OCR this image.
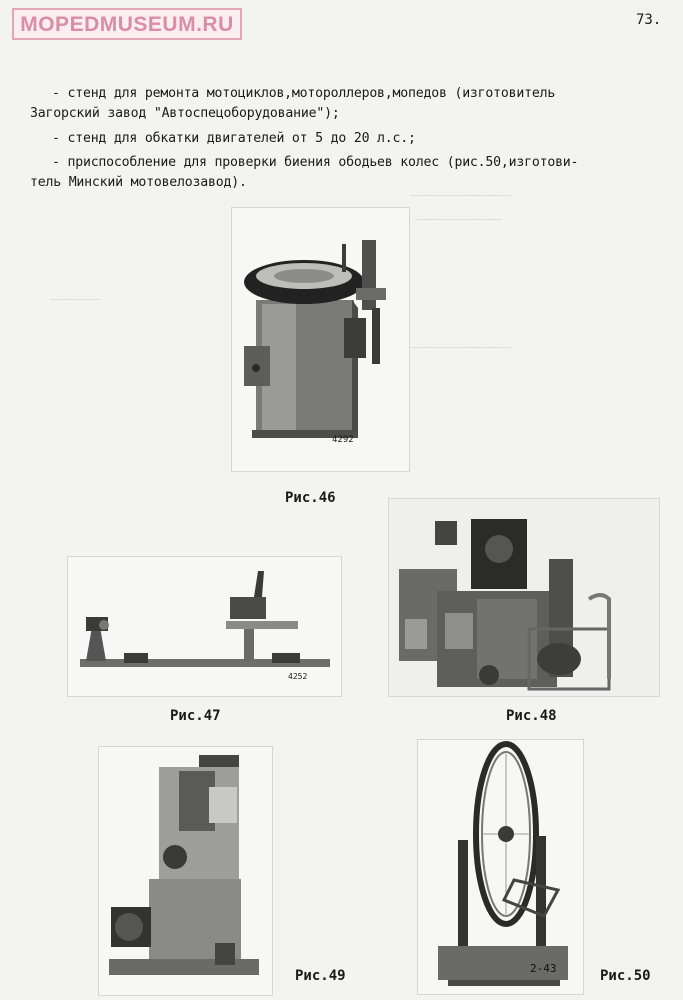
MOPEDMUSEUM.RU	73.
- стенд для ремонта мотоциклов,мотороллеров,мопедов (изготовитель
Загорский завод "Автоспецоборудование");
- стенд для обкатки двигателей от 5 до 20 л.с.;
- приспособление для проверки биения ободьев колес (рис.50,изготови-
тель Минский мотовелозавод).
——————————————
————————————
———————
——————————————
4292
Рис.46
4252
Рис.47	Рис.48
Рис.49	2-43	Рис.50
